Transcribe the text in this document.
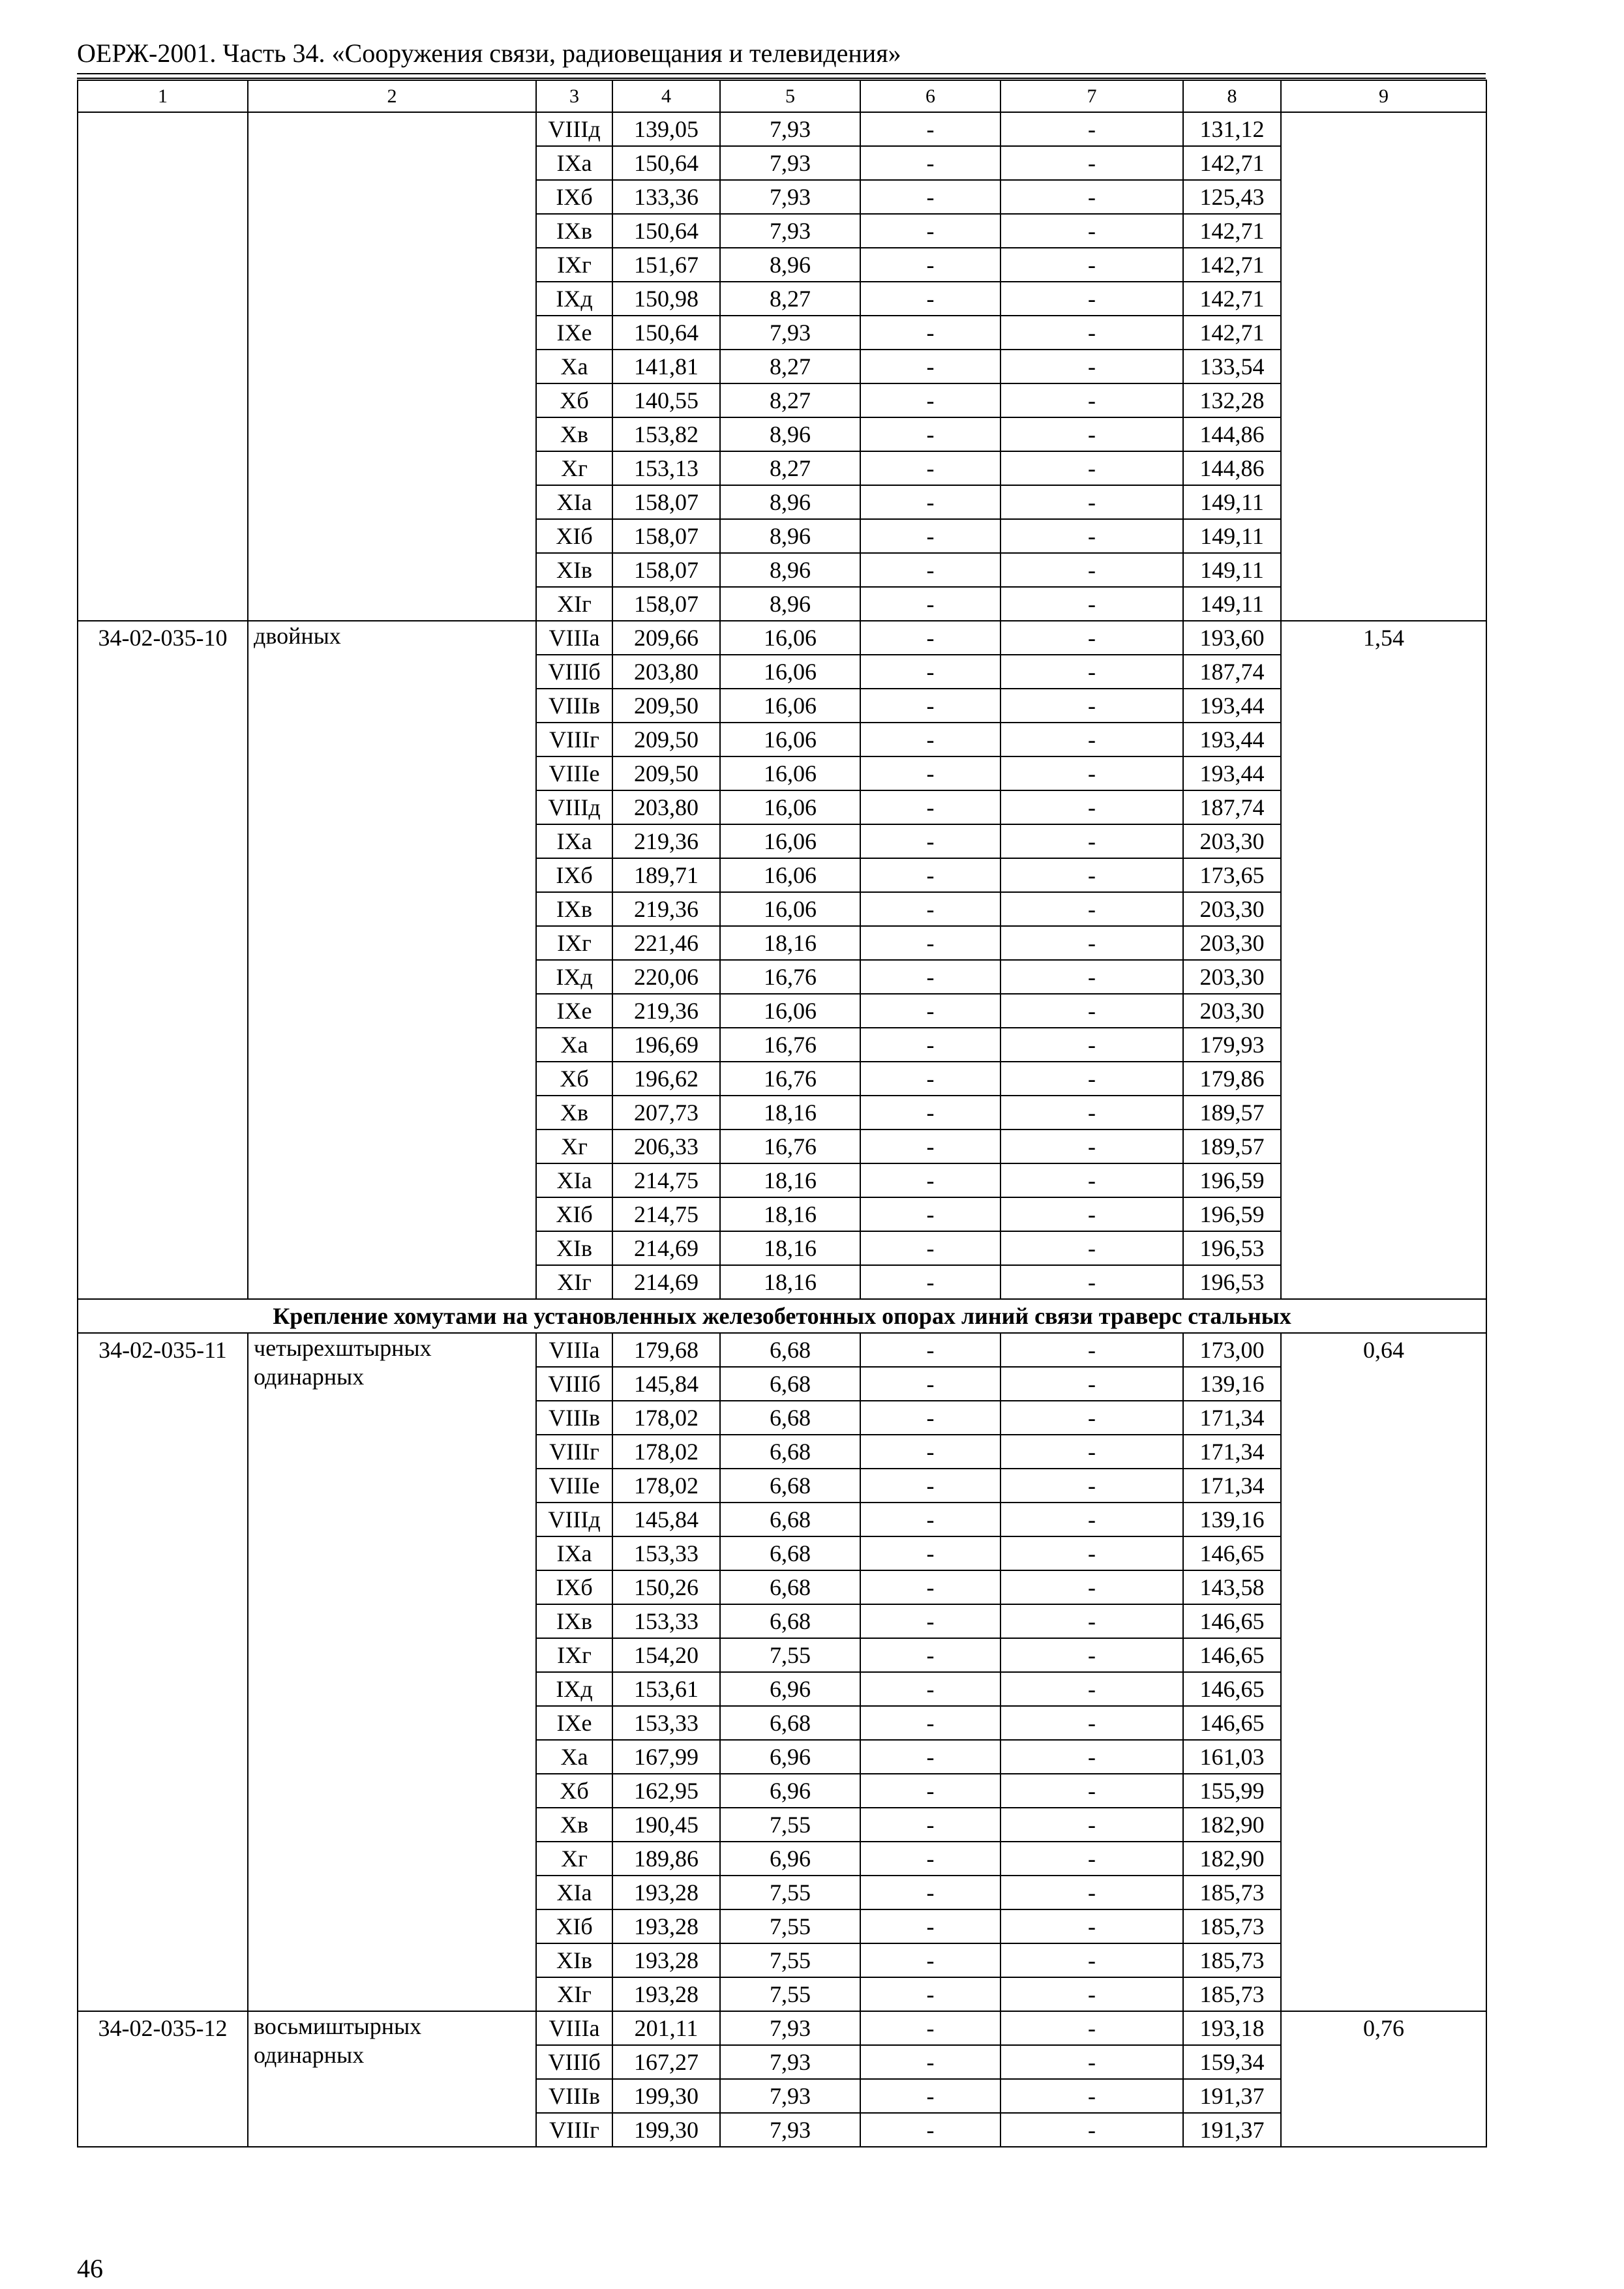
ОЕРЖ-2001. Часть 34. «Сооружения связи, радиовещания и телевидения»
1	2	3	4	5	6	7	8	9
		VIIIд	139,05	7,93	-	-	131,12	
		IXa	150,64	7,93	-	-	142,71	
		IXб	133,36	7,93	-	-	125,43	
		IXв	150,64	7,93	-	-	142,71	
		IXг	151,67	8,96	-	-	142,71	
		IXд	150,98	8,27	-	-	142,71	
		IXе	150,64	7,93	-	-	142,71	
		Xa	141,81	8,27	-	-	133,54	
		Xб	140,55	8,27	-	-	132,28	
		Xв	153,82	8,96	-	-	144,86	
		Xг	153,13	8,27	-	-	144,86	
		XIa	158,07	8,96	-	-	149,11	
		XIб	158,07	8,96	-	-	149,11	
		XIв	158,07	8,96	-	-	149,11	
		XIг	158,07	8,96	-	-	149,11	
34-02-035-10	двойных	VIIIa	209,66	16,06	-	-	193,60	1,54
		VIIIб	203,80	16,06	-	-	187,74	
		VIIIв	209,50	16,06	-	-	193,44	
		VIIIг	209,50	16,06	-	-	193,44	
		VIIIе	209,50	16,06	-	-	193,44	
		VIIIд	203,80	16,06	-	-	187,74	
		IXa	219,36	16,06	-	-	203,30	
		IXб	189,71	16,06	-	-	173,65	
		IXв	219,36	16,06	-	-	203,30	
		IXг	221,46	18,16	-	-	203,30	
		IXд	220,06	16,76	-	-	203,30	
		IXе	219,36	16,06	-	-	203,30	
		Xa	196,69	16,76	-	-	179,93	
		Xб	196,62	16,76	-	-	179,86	
		Xв	207,73	18,16	-	-	189,57	
		Xг	206,33	16,76	-	-	189,57	
		XIa	214,75	18,16	-	-	196,59	
		XIб	214,75	18,16	-	-	196,59	
		XIв	214,69	18,16	-	-	196,53	
		XIг	214,69	18,16	-	-	196,53	
Крепление хомутами на установленных железобетонных опорах линий связи траверс стальных								
34-02-035-11	четырехштырных одинарных	VIIIa	179,68	6,68	-	-	173,00	0,64
		VIIIб	145,84	6,68	-	-	139,16	
		VIIIв	178,02	6,68	-	-	171,34	
		VIIIг	178,02	6,68	-	-	171,34	
		VIIIе	178,02	6,68	-	-	171,34	
		VIIIд	145,84	6,68	-	-	139,16	
		IXa	153,33	6,68	-	-	146,65	
		IXб	150,26	6,68	-	-	143,58	
		IXв	153,33	6,68	-	-	146,65	
		IXг	154,20	7,55	-	-	146,65	
		IXд	153,61	6,96	-	-	146,65	
		IXе	153,33	6,68	-	-	146,65	
		Xa	167,99	6,96	-	-	161,03	
		Xб	162,95	6,96	-	-	155,99	
		Xв	190,45	7,55	-	-	182,90	
		Xг	189,86	6,96	-	-	182,90	
		XIa	193,28	7,55	-	-	185,73	
		XIб	193,28	7,55	-	-	185,73	
		XIв	193,28	7,55	-	-	185,73	
		XIг	193,28	7,55	-	-	185,73	
34-02-035-12	восьмиштырных одинарных	VIIIa	201,11	7,93	-	-	193,18	0,76
		VIIIб	167,27	7,93	-	-	159,34	
		VIIIв	199,30	7,93	-	-	191,37	
		VIIIг	199,30	7,93	-	-	191,37	
46
